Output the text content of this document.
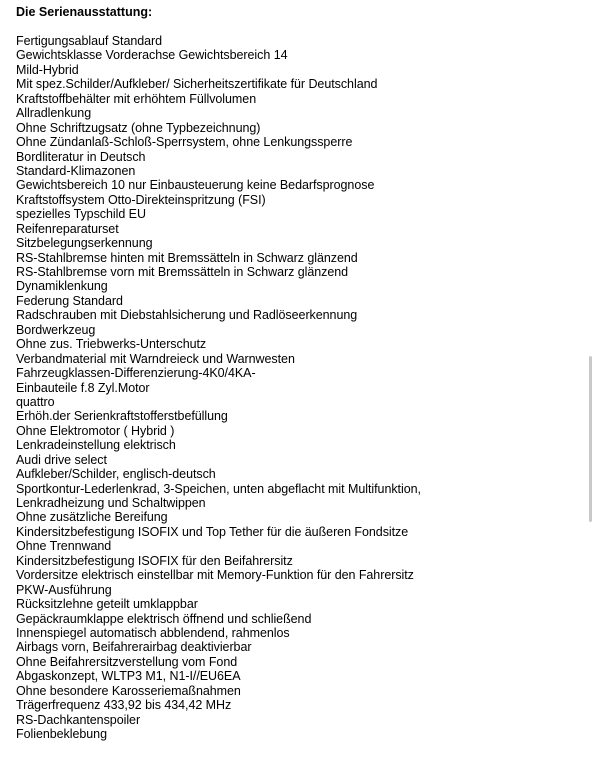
Die Serienausstattung:
Fertigungsablauf Standard
Gewichtsklasse Vorderachse Gewichtsbereich 14
Mild-Hybrid
Mit spez.Schilder/Aufkleber/ Sicherheitszertifikate für Deutschland
Kraftstoffbehälter mit erhöhtem Füllvolumen
Allradlenkung
Ohne Schriftzugsatz (ohne Typbezeichnung)
Ohne Zündanlaß-Schloß-Sperrsystem, ohne Lenkungssperre
Bordliteratur in Deutsch
Standard-Klimazonen
Gewichtsbereich 10 nur Einbausteuerung keine Bedarfsprognose
Kraftstoffsystem Otto-Direkteinspritzung (FSI)
spezielles Typschild EU
Reifenreparaturset
Sitzbelegungserkennung
RS-Stahlbremse hinten mit Bremssätteln in Schwarz glänzend
RS-Stahlbremse vorn mit Bremssätteln in Schwarz glänzend
Dynamiklenkung
Federung Standard
Radschrauben mit Diebstahlsicherung und Radlöseerkennung
Bordwerkzeug
Ohne zus. Triebwerks-Unterschutz
Verbandmaterial mit Warndreieck und Warnwesten
Fahrzeugklassen-Differenzierung-4K0/4KA-
Einbauteile f.8 Zyl.Motor
quattro
Erhöh.der Serienkraftstofferstbefüllung
Ohne Elektromotor ( Hybrid )
Lenkradeinstellung elektrisch
Audi drive select
Aufkleber/Schilder, englisch-deutsch
Sportkontur-Lederlenkrad, 3-Speichen, unten abgeflacht mit Multifunktion,
Lenkradheizung und Schaltwippen
Ohne zusätzliche Bereifung
Kindersitzbefestigung ISOFIX und Top Tether für die äußeren Fondsitze
Ohne Trennwand
Kindersitzbefestigung ISOFIX für den Beifahrersitz
Vordersitze elektrisch einstellbar mit Memory-Funktion für den Fahrersitz
PKW-Ausführung
Rücksitzlehne geteilt umklappbar
Gepäckraumklappe elektrisch öffnend und schließend
Innenspiegel automatisch abblendend, rahmenlos
Airbags vorn, Beifahrerairbag deaktivierbar
Ohne Beifahrersitzverstellung vom Fond
Abgaskonzept, WLTP3 M1, N1-I//EU6EA
Ohne besondere Karosseriemaßnahmen
Trägerfrequenz 433,92 bis 434,42 MHz
RS-Dachkantenspoiler
Folienbeklebung
